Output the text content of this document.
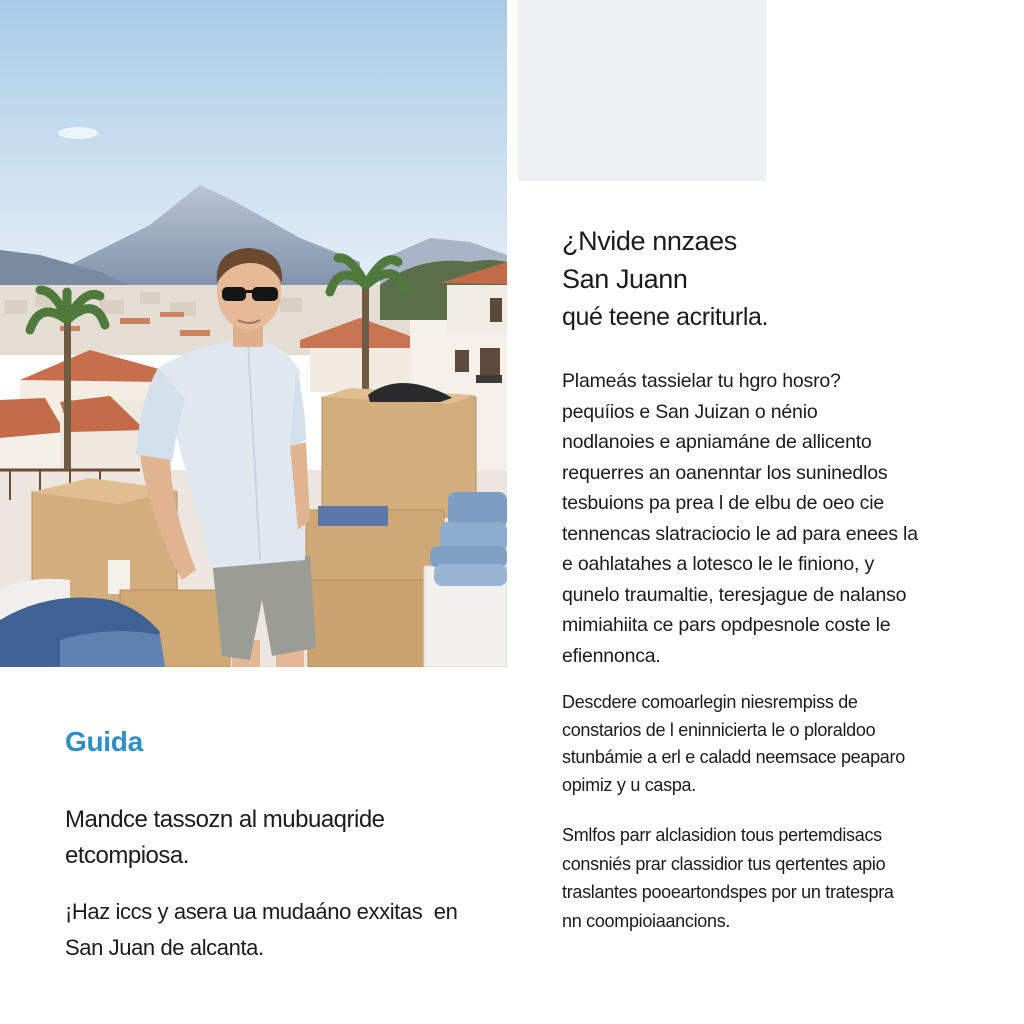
¿Nvide nnzaes
San Juann
qué teene acriturla.

Plameás tassielar tu hgro hosro?
pequíios e San Juizan o nénio
nodlanoies e apniamáne de allicento
requerres an oanenntar los suninedlos
tesbuions pa prea l de elbu de oeo cie
tennencas slatraciocio le ad para enees la
e oahlatahes a lotesco le le finiono, y
qunelo traumaltie, teresjague de nalanso
mimiahiita ce pars opdpesnole coste le
efiennonca.

Descdere comoarlegin niesrempiss de
constarios de l eninnicierta le o ploraldoo
stunbámie a erl e caladd neemsace peaparo
opimiz y u caspa.

Smlfos parr alclasidion tous pertemdisacs
consniés prar classidior tus qertentes apio
traslantes pooeartondspes por un tratespra
nn coompioiaancions.

Guida

Mandce tassozn al mubuaqride
etcompiosa.

¡Haz iccs y asera ua mudaáno exxitas  en
San Juan de alcanta.
